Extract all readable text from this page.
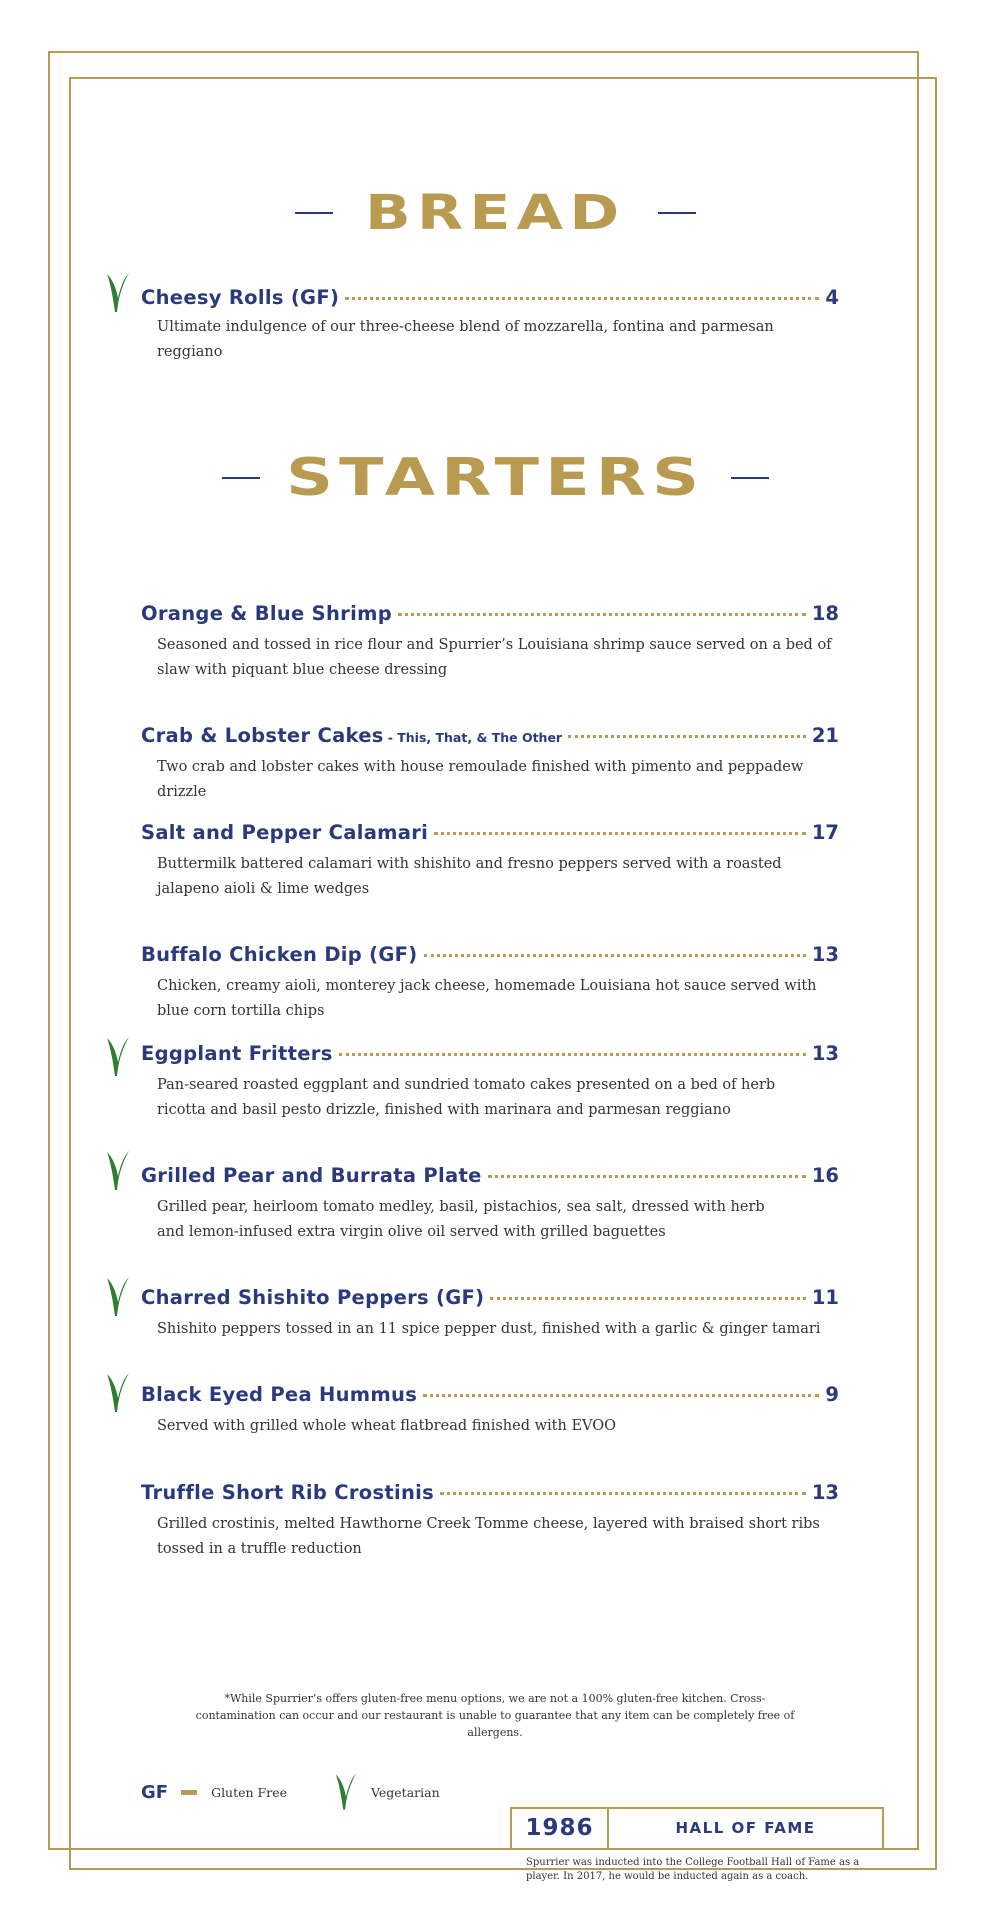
BREAD
Cheesy Rolls (GF)	4
Ultimate indulgence of our three-cheese blend of mozzarella, fontina and parmesan reggiano
STARTERS
Orange & Blue Shrimp	18
Seasoned and tossed in rice flour and Spurrier’s Louisiana shrimp sauce served on a bed of slaw with piquant blue cheese dressing
Crab & Lobster Cakes - This, That, & The Other	21
Two crab and lobster cakes with house remoulade finished with pimento and peppadew drizzle
Salt and Pepper Calamari	17
Buttermilk battered calamari with shishito and fresno peppers served with a roasted jalapeno aioli & lime wedges
Buffalo Chicken Dip (GF)	13
Chicken, creamy aioli, monterey jack cheese, homemade Louisiana hot sauce served with blue corn tortilla chips
Eggplant Fritters	13
Pan-seared roasted eggplant and sundried tomato cakes presented on a bed of herb ricotta and basil pesto drizzle, finished with marinara and parmesan reggiano
Grilled Pear and Burrata Plate	16
Grilled pear, heirloom tomato medley, basil, pistachios, sea salt, dressed with herb and lemon-infused extra virgin olive oil served with grilled baguettes
Charred Shishito Peppers (GF)	11
Shishito peppers tossed in an 11 spice pepper dust, finished with a garlic & ginger tamari
Black Eyed Pea Hummus	9
Served with grilled whole wheat flatbread finished with EVOO
Truffle Short Rib Crostinis	13
Grilled crostinis, melted Hawthorne Creek Tomme cheese, layered with braised short ribs tossed in a truffle reduction
*While Spurrier’s offers gluten-free menu options, we are not a 100% gluten-free kitchen. Cross-contamination can occur and our restaurant is unable to guarantee that any item can be completely free of allergens.
GF	Gluten Free	Vegetarian
1986	HALL OF FAME
Spurrier was inducted into the College Football Hall of Fame as a player. In 2017, he would be inducted again as a coach.
